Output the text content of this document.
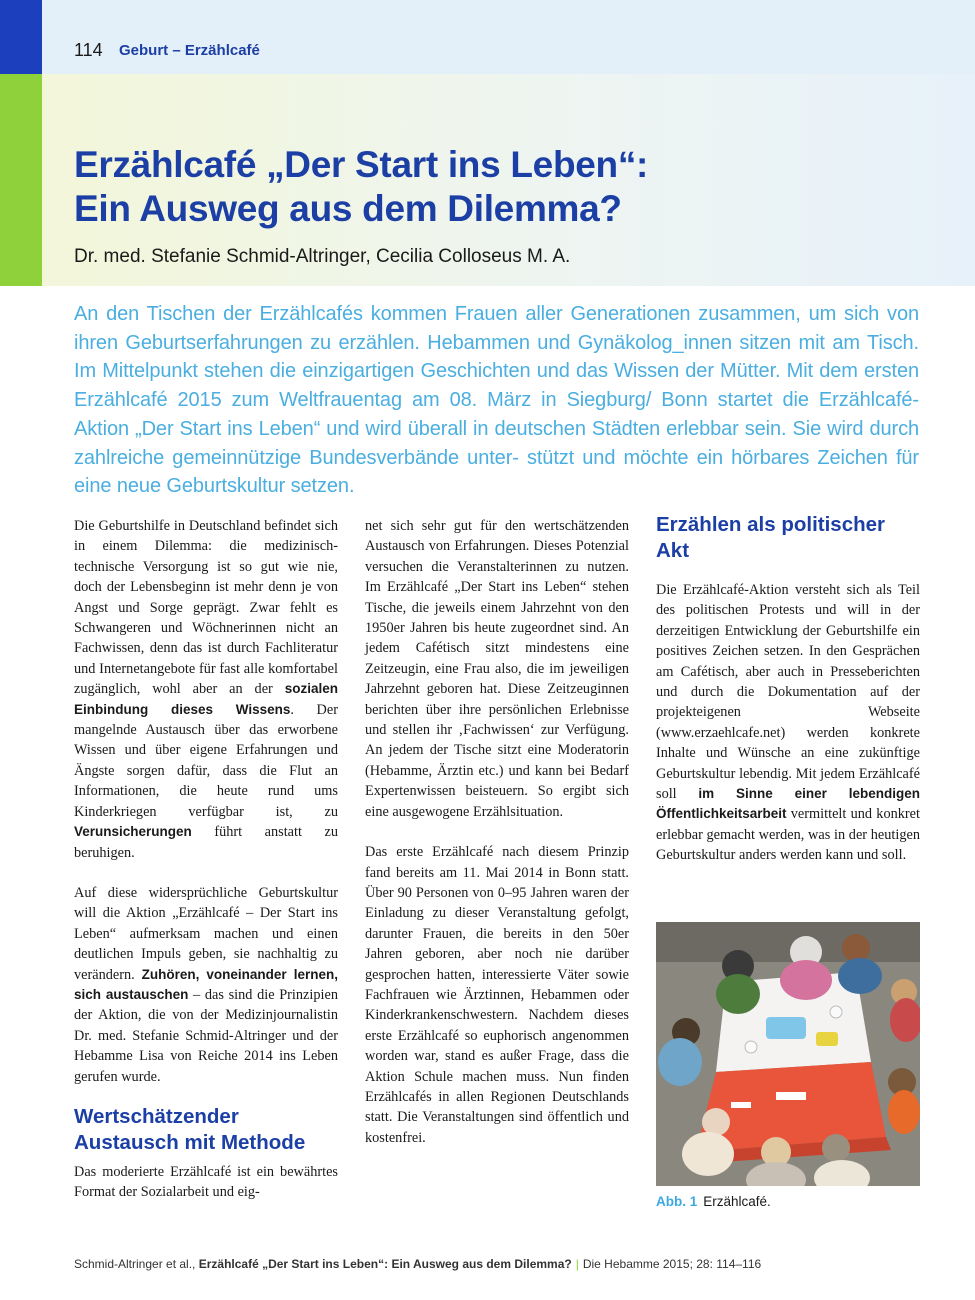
114 Geburt – Erzählcafé
Erzählcafé „Der Start ins Leben“:
Ein Ausweg aus dem Dilemma?
Dr. med. Stefanie Schmid-Altringer, Cecilia Colloseus M. A.

An den Tischen der Erzählcafés kommen Frauen aller Generationen zusammen, um sich von ihren Geburtserfahrungen zu erzählen. Hebammen und Gynäkolog_innen sitzen mit am Tisch. Im Mittelpunkt stehen die einzigartigen Geschichten und das Wissen der Mütter. Mit dem ersten Erzählcafé 2015 zum Weltfrauentag am 08. März in Siegburg/ Bonn startet die Erzählcafé-Aktion „Der Start ins Leben“ und wird überall in deutschen Städten erlebbar sein. Sie wird durch zahlreiche gemeinnützige Bundesverbände unter- stützt und möchte ein hörbares Zeichen für eine neue Geburtskultur setzen.

Die Geburtshilfe in Deutschland befindet sich in einem Dilemma: die medizinisch-technische Versorgung ist so gut wie nie, doch der Lebensbeginn ist mehr denn je von Angst und Sorge geprägt. Zwar fehlt es Schwangeren und Wöchnerinnen nicht an Fachwissen, denn das ist durch Fachliteratur und Internetangebote für fast alle komfortabel zugänglich, wohl aber an der sozialen Einbindung dieses Wissens. Der mangelnde Austausch über das erworbene Wissen und über eigene Erfahrungen und Ängste sorgen dafür, dass die Flut an Informationen, die heute rund ums Kinderkriegen verfügbar ist, zu Verunsicherungen führt anstatt zu beruhigen.

Auf diese widersprüchliche Geburtskultur will die Aktion „Erzählcafé – Der Start ins Leben“ aufmerksam machen und einen deutlichen Impuls geben, sie nachhaltig zu verändern. Zuhören, voneinander lernen, sich austauschen – das sind die Prinzipien der Aktion, die von der Medizinjournalistin Dr. med. Stefanie Schmid-Altringer und der Hebamme Lisa von Reiche 2014 ins Leben gerufen wurde.

Wertschätzender Austausch mit Methode

Das moderierte Erzählcafé ist ein bewährtes Format der Sozialarbeit und eig-

net sich sehr gut für den wertschätzenden Austausch von Erfahrungen. Dieses Potenzial versuchen die Veranstalterinnen zu nutzen. Im Erzählcafé „Der Start ins Leben“ stehen Tische, die jeweils einem Jahrzehnt von den 1950er Jahren bis heute zugeordnet sind. An jedem Cafétisch sitzt mindestens eine Zeitzeugin, eine Frau also, die im jeweiligen Jahrzehnt geboren hat. Diese Zeitzeuginnen berichten über ihre persönlichen Erlebnisse und stellen ihr ‚Fachwissen‘ zur Verfügung. An jedem der Tische sitzt eine Moderatorin (Hebamme, Ärztin etc.) und kann bei Bedarf Expertenwissen beisteuern. So ergibt sich eine ausgewogene Erzählsituation.

Das erste Erzählcafé nach diesem Prinzip fand bereits am 11. Mai 2014 in Bonn statt. Über 90 Personen von 0–95 Jahren waren der Einladung zu dieser Veranstaltung gefolgt, darunter Frauen, die bereits in den 50er Jahren geboren, aber noch nie darüber gesprochen hatten, interessierte Väter sowie Fachfrauen wie Ärztinnen, Hebammen oder Kinderkrankenschwestern. Nachdem dieses erste Erzählcafé so euphorisch angenommen worden war, stand es außer Frage, dass die Aktion Schule machen muss. Nun finden Erzählcafés in allen Regionen Deutschlands statt. Die Veranstaltungen sind öffentlich und kostenfrei.

Erzählen als politischer Akt

Die Erzählcafé-Aktion versteht sich als Teil des politischen Protests und will in der derzeitigen Entwicklung der Geburtshilfe ein positives Zeichen setzen. In den Gesprächen am Cafétisch, aber auch in Presseberichten und durch die Dokumentation auf der projekteigenen Webseite (www.erzaehlcafe.net) werden konkrete Inhalte und Wünsche an eine zukünftige Geburtskultur lebendig. Mit jedem Erzählcafé soll im Sinne einer lebendigen Öffentlichkeitsarbeit vermittelt und konkret erlebbar gemacht werden, was in der heutigen Geburtskultur anders werden kann und soll.

Abb. 1 Erzählcafé.
Schmid-Altringer et al., Erzählcafé „Der Start ins Leben“: Ein Ausweg aus dem Dilemma? | Die Hebamme 2015; 28: 114–116
